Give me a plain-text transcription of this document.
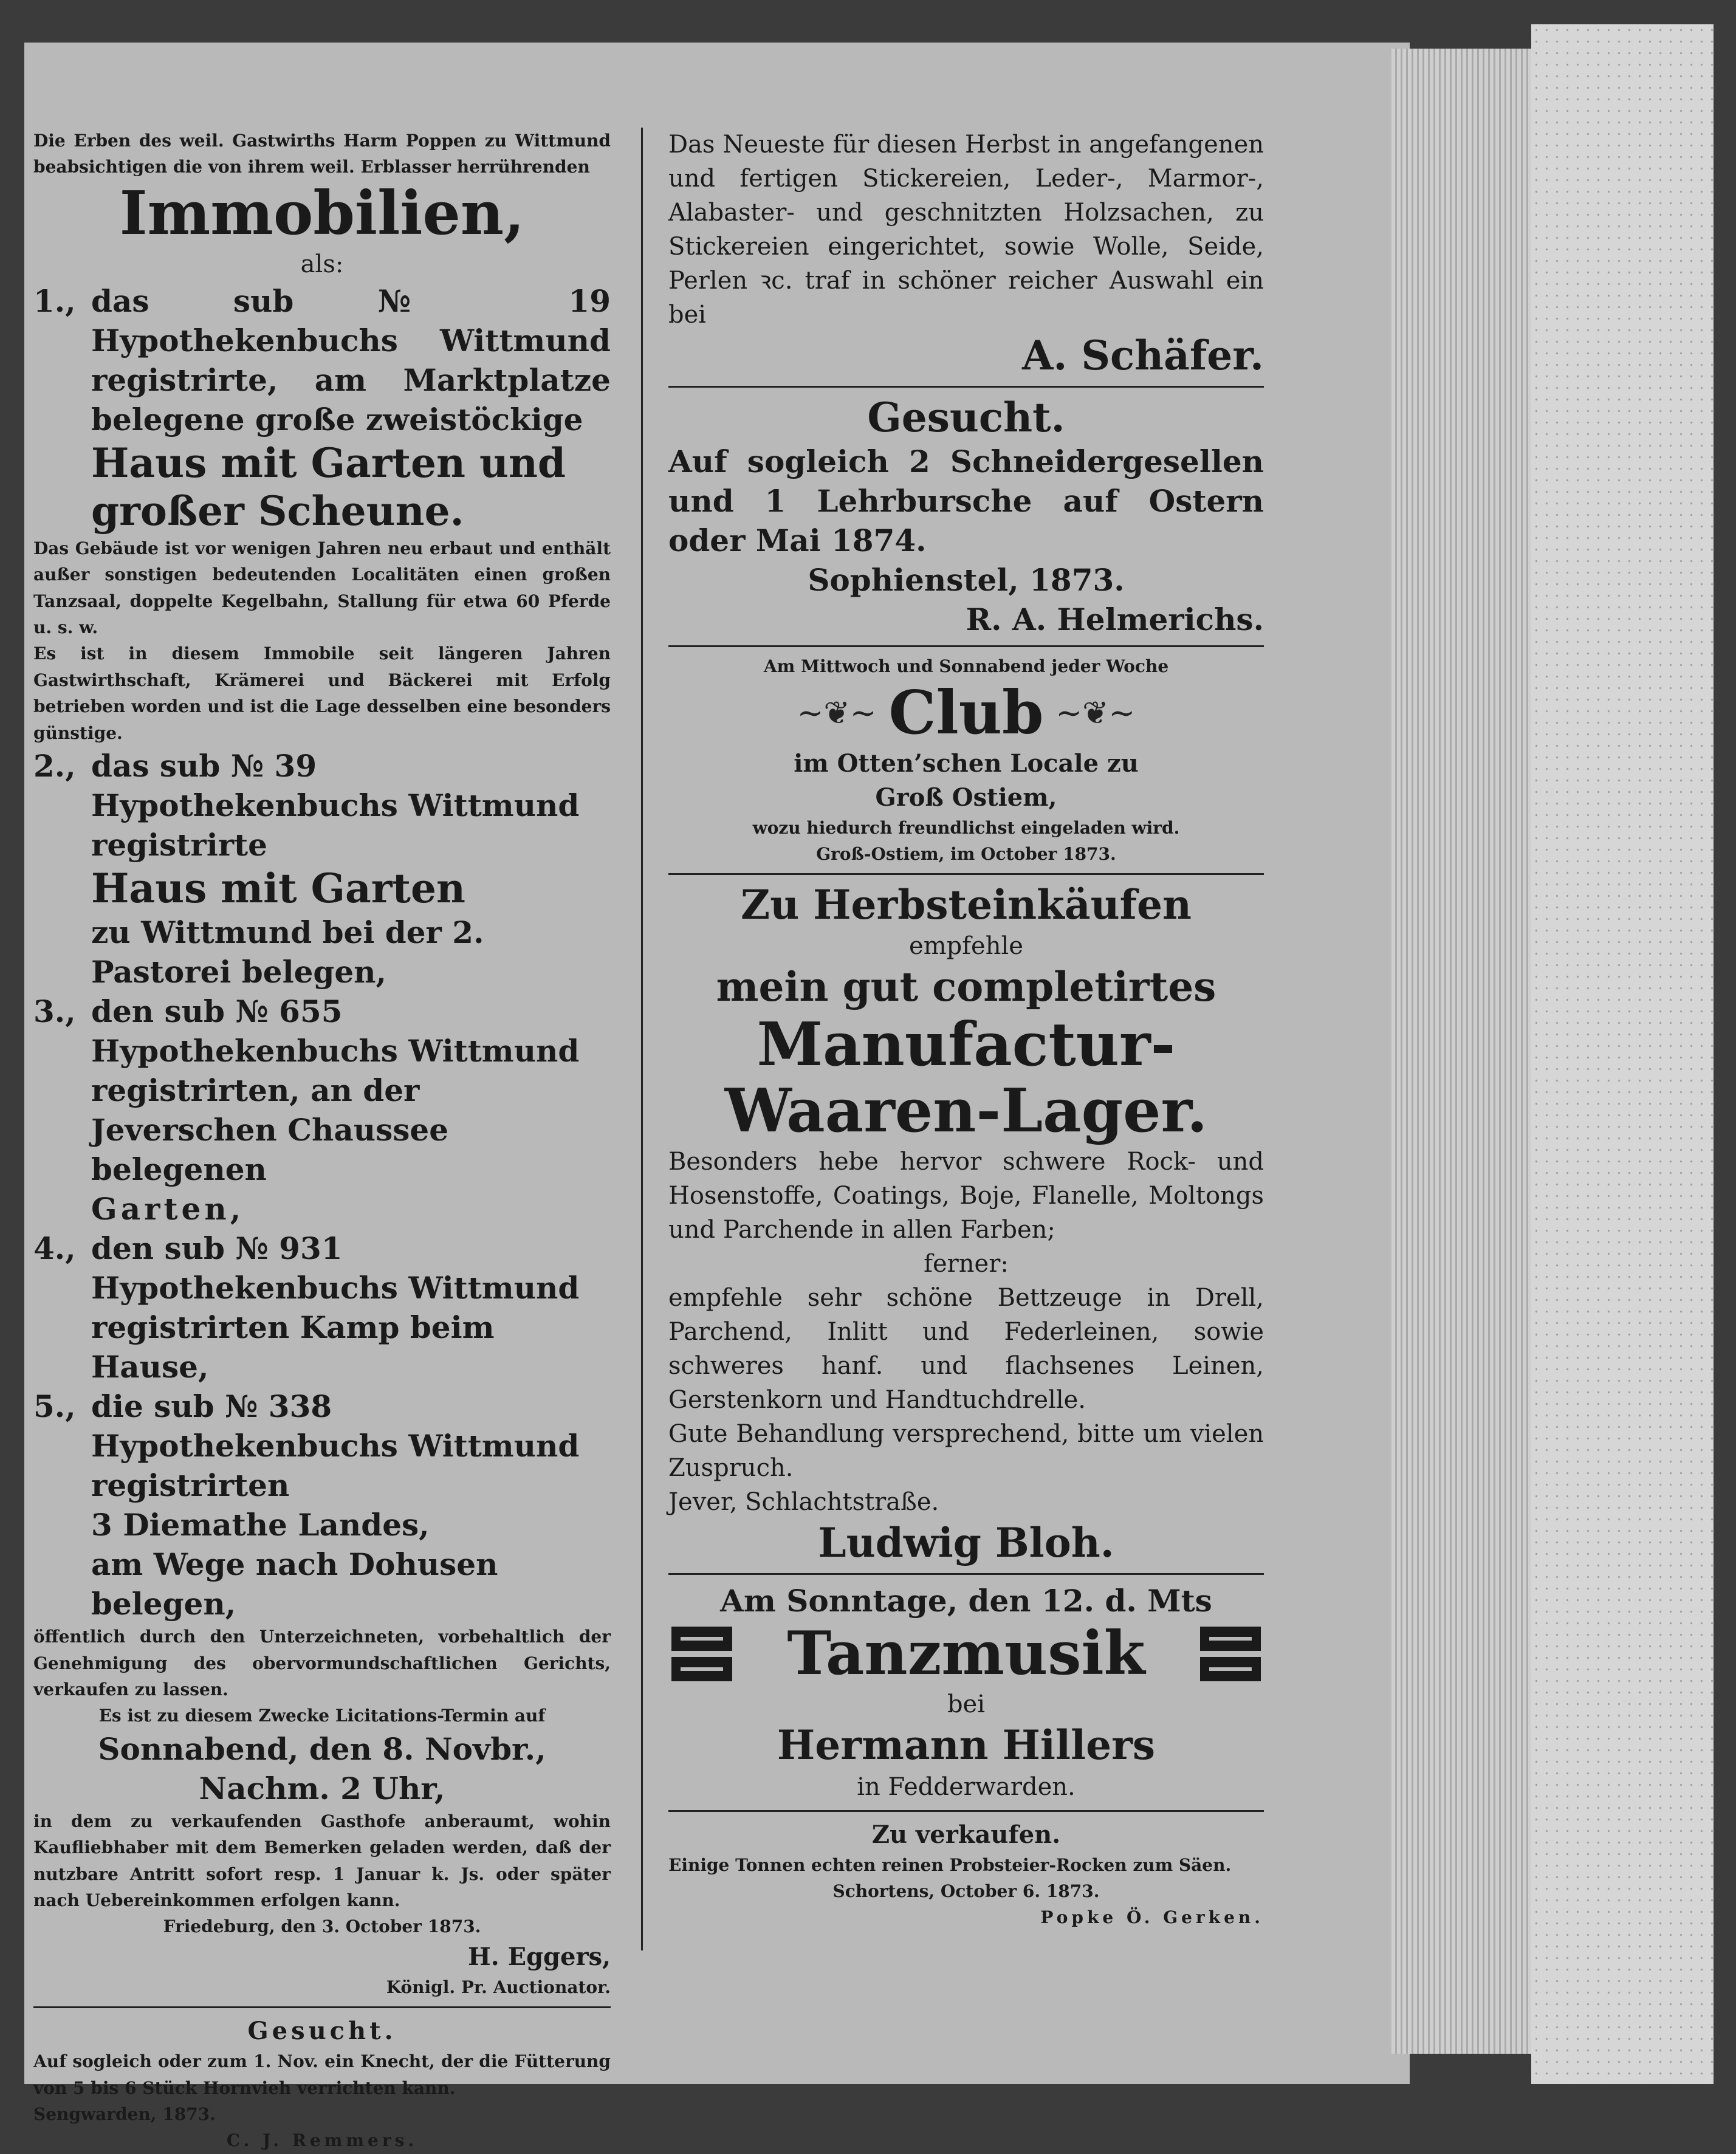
Die Erben des weil. Gastwirths Harm Poppen zu Wittmund beabsichtigen die von ihrem weil. Erblasser herrührenden

Immobilien,

als:

1., das sub № 19 Hypothekenbuchs Wittmund registrirte, am Marktplatze belegene große zweistöckige

Haus mit Garten und großer Scheune.

Das Gebäude ist vor wenigen Jahren neu erbaut und enthält außer sonstigen bedeutenden Localitäten einen großen Tanzsaal, doppelte Kegelbahn, Stallung für etwa 60 Pferde u. s. w.

Es ist in diesem Immobile seit längeren Jahren Gastwirthschaft, Krämerei und Bäckerei mit Erfolg betrieben worden und ist die Lage desselben eine besonders günstige.

2., das sub № 39 Hypothekenbuchs Wittmund registrirte

Haus mit Garten

zu Wittmund bei der 2. Pastorei belegen,

3., den sub № 655 Hypothekenbuchs Wittmund registrirten, an der Jeverschen Chaussee belegenen

Garten,

4., den sub № 931 Hypothekenbuchs Wittmund registrirten Kamp beim Hause,

5., die sub № 338 Hypothekenbuchs Wittmund registrirten

3 Diemathe Landes,

am Wege nach Dohusen belegen,

öffentlich durch den Unterzeichneten, vorbehaltlich der Genehmigung des obervormundschaftlichen Gerichts, verkaufen zu lassen.

Es ist zu diesem Zwecke Licitations-Termin auf

Sonnabend, den 8. Novbr.,

Nachm. 2 Uhr,

in dem zu verkaufenden Gasthofe anberaumt, wohin Kaufliebhaber mit dem Bemerken geladen werden, daß der nutzbare Antritt sofort resp. 1 Januar k. Js. oder später nach Uebereinkommen erfolgen kann.

Friedeburg, den 3. October 1873.

H. Eggers,

Königl. Pr. Auctionator.

Gesucht.

Auf sogleich oder zum 1. Nov. ein Knecht, der die Fütterung von 5 bis 6 Stück Hornvieh verrichten kann.

Sengwarden, 1873.

C. J. Remmers.

Das Neueste für diesen Herbst in angefangenen und fertigen Stickereien, Leder-, Marmor-, Alabaster- und geschnitzten Holzsachen, zu Stickereien eingerichtet, sowie Wolle, Seide, Perlen ꝛc. traf in schöner reicher Auswahl ein bei

A. Schäfer.

Gesucht.

Auf sogleich 2 Schneidergesellen und 1 Lehrbursche auf Ostern oder Mai 1874.

Sophienstel, 1873.

R. A. Helmerichs.

Am Mittwoch und Sonnabend jeder Woche

~❦~ Club ~❦~

im Otten’schen Locale zu

Groß Ostiem,

wozu hiedurch freundlichst eingeladen wird.

Groß-Ostiem, im October 1873.

Zu Herbsteinkäufen

empfehle

mein gut completirtes

Manufactur-

Waaren-Lager.

Besonders hebe hervor schwere Rock- und Hosenstoffe, Coatings, Boje, Flanelle, Moltongs und Parchende in allen Farben;

ferner:

empfehle sehr schöne Bettzeuge in Drell, Parchend, Inlitt und Federleinen, sowie schweres hanf. und flachsenes Leinen, Gerstenkorn und Handtuchdrelle.

Gute Behandlung versprechend, bitte um vielen Zuspruch.

Jever, Schlachtstraße.

Ludwig Bloh.

Am Sonntage, den 12. d. Mts

Tanzmusik

bei

Hermann Hillers

in Fedderwarden.

Zu verkaufen.

Einige Tonnen echten reinen Probsteier-Rocken zum Säen.

Schortens, October 6. 1873.

Popke Ö. Gerken.
